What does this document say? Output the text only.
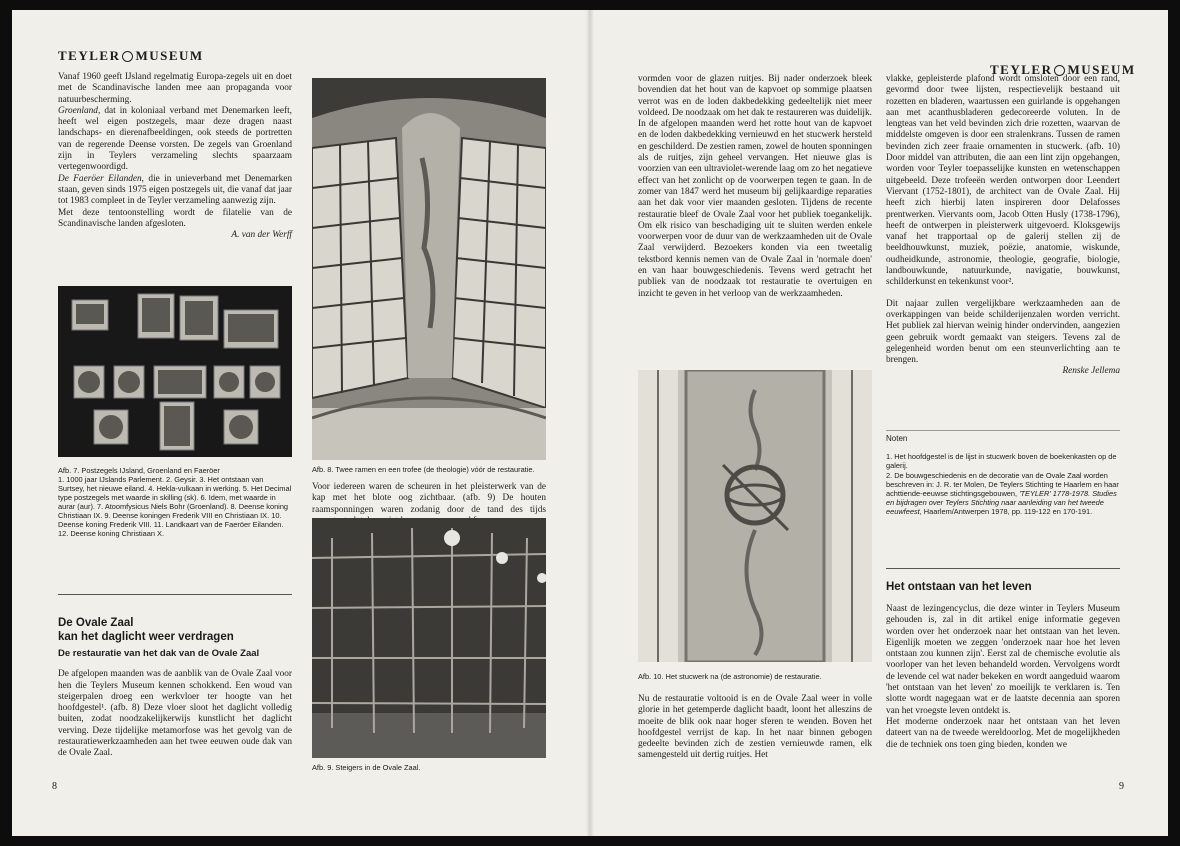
TEYLER MUSEUM

Vanaf 1960 geeft IJsland regelmatig Europa-zegels uit en doet met de Scandinavische landen mee aan propaganda voor natuurbescherming.

Groenland, dat in koloniaal verband met Denemarken leeft, heeft wel eigen postzegels, maar deze dragen naast landschaps- en dierenafbeeldingen, ook steeds de portretten van de regerende Deense vorsten. De zegels van Groenland zijn in Teylers verzameling slechts spaarzaam vertegenwoordigd.

De Faeröer Eilanden, die in unieverband met Denemarken staan, geven sinds 1975 eigen postzegels uit, die vanaf dat jaar tot 1983 compleet in de Teyler verzameling aanwezig zijn.

Met deze tentoonstelling wordt de filatelie van de Scandinavische landen afgesloten.

A. van der Werff

Afb. 7. Postzegels IJsland, Groenland en Faeröer
1. 1000 jaar IJslands Parlement. 2. Geysir. 3. Het ontstaan van Surtsey, het nieuwe eiland. 4. Hekla-vulkaan in werking. 5. Het Decimal type postzegels met waarde in skilling (sk). 6. Idem, met waarde in aurar (aur). 7. Atoomfysicus Niels Bohr (Groenland). 8. Deense koning Christiaan IX. 9. Deense koningen Frederik VIII en Christiaan IX. 10. Deense koning Frederik VIII. 11. Landkaart van de Faeröer Eilanden. 12. Deense koning Christiaan X.
De Ovale Zaal
kan het daglicht weer verdragen
De restauratie van het dak van de Ovale Zaal

De afgelopen maanden was de aanblik van de Ovale Zaal voor hen die Teylers Museum kennen schokkend. Een woud van steigerpalen droeg een werkvloer ter hoogte van het hoofdgestel¹. (afb. 8) Deze vloer sloot het daglicht volledig buiten, zodat noodzakelijkerwijs kunstlicht het daglicht verving. Deze tijdelijke metamorfose was het gevolg van de restauratiewerkzaamheden aan het twee eeuwen oude dak van de Ovale Zaal.

Afb. 8. Twee ramen en een trofee (de theologie) vóór de restauratie.

Voor iedereen waren de scheuren in het pleisterwerk van de kap met het blote oog zichtbaar. (afb. 9) De houten raamsponningen waren zodanig door de tand des tijds

Afb. 9. Steigers in de Ovale Zaal.
8
TEYLER MUSEUM

vormden voor de glazen ruitjes. Bij nader onderzoek bleek bovendien dat het hout van de kapvoet op sommige plaatsen verrot was en de loden dakbedekking gedeeltelijk niet meer voldeed. De noodzaak om het dak te restaureren was duidelijk. In de afgelopen maanden werd het rotte hout van de kapvoet en de loden dakbedekking vernieuwd en het stucwerk hersteld en geschilderd. De zestien ramen, zowel de houten sponningen als de ruitjes, zijn geheel vervangen. Het nieuwe glas is voorzien van een ultraviolet-werende laag om zo het negatieve effect van het zonlicht op de voorwerpen tegen te gaan. In de zomer van 1847 werd het museum bij gelijkaardige reparaties aan het dak voor vier maanden gesloten. Tijdens de recente restauratie bleef de Ovale Zaal voor het publiek toegankelijk. Om elk risico van beschadiging uit te sluiten werden enkele voorwerpen voor de duur van de werkzaamheden uit de Ovale Zaal verwijderd. Bezoekers konden via een tweetalig tekstbord kennis nemen van de Ovale Zaal in 'normale doen' en van haar bouwgeschiedenis. Tevens werd getracht het publiek van de noodzaak tot restauratie te overtuigen en inzicht te geven in het verloop van de werkzaamheden.

Afb. 10. Het stucwerk na (de astronomie) de restauratie.

Nu de restauratie voltooid is en de Ovale Zaal weer in volle glorie in het getemperde daglicht baadt, loont het alleszins de moeite de blik ook naar hoger sferen te wenden. Boven het hoofdgestel verrijst de kap. In het naar binnen gebogen gedeelte bevinden zich de zestien vernieuwde ramen, elk samengesteld uit dertig ruitjes. Het

vlakke, gepleisterde plafond wordt omsloten door een rand, gevormd door twee lijsten, respectievelijk bestaand uit rozetten en bladeren, waartussen een guirlande is opgehangen aan met acanthusbladeren gedecoreerde voluten. In de lengteas van het veld bevinden zich drie rozetten, waarvan de middelste omgeven is door een stralenkrans. Tussen de ramen bevinden zich zeer fraaie ornamenten in stucwerk. (afb. 10) Door middel van attributen, die aan een lint zijn opgehangen, worden voor Teyler toepasselijke kunsten en wetenschappen uitgebeeld. Deze trofeeën werden ontworpen door Leendert Viervant (1752-1801), de architect van de Ovale Zaal. Hij heeft zich hierbij laten inspireren door Delafosses prentwerken. Viervants oom, Jacob Otten Husly (1738-1796), heeft de ontwerpen in pleisterwerk uitgevoerd. Kloksgewijs vanaf het trapportaal op de galerij stellen zij de beeldhouwkunst, muziek, poëzie, anatomie, wiskunde, oudheidkunde, astronomie, theologie, geografie, biologie, landbouwkunde, natuurkunde, navigatie, bouwkunst, schilderkunst en tekenkunst voor².

Dit najaar zullen vergelijkbare werkzaamheden aan de overkappingen van beide schilderijenzalen worden verricht. Het publiek zal hiervan weinig hinder ondervinden, aangezien geen gebruik wordt gemaakt van steigers. Tevens zal de gelegenheid worden benut om een steunverlichting aan te brengen.

Renske Jellema

Noten

1. Het hoofdgestel is de lijst in stucwerk boven de boekenkasten op de galerij.

2. De bouwgeschiedenis en de decoratie van de Ovale Zaal worden beschreven in: J. R. ter Molen, De Teylers Stichting te Haarlem en haar achttiende-eeuwse stichtingsgebouwen, 'TEYLER' 1778-1978. Studies en bijdragen over Teylers Stichting naar aanleiding van het tweede eeuwfeest, Haarlem/Antwerpen 1978, pp. 119-122 en 170-191.

Het ontstaan van het leven

Naast de lezingencyclus, die deze winter in Teylers Museum gehouden is, zal in dit artikel enige informatie gegeven worden over het onderzoek naar het ontstaan van het leven. Eigenlijk moeten we zeggen 'onderzoek naar hoe het leven ontstaan zou kunnen zijn'. Eerst zal de chemische evolutie als voorloper van het leven behandeld worden. Vervolgens wordt de levende cel wat nader bekeken en wordt aangeduid waarom 'het ontstaan van het leven' zo moeilijk te verklaren is. Ten slotte wordt nagegaan wat er de laatste decennia aan sporen van het vroegste leven ontdekt is.

Het moderne onderzoek naar het ontstaan van het leven dateert van na de tweede wereldoorlog. Met de mogelijkheden die de techniek ons toen ging bieden, konden we

9
